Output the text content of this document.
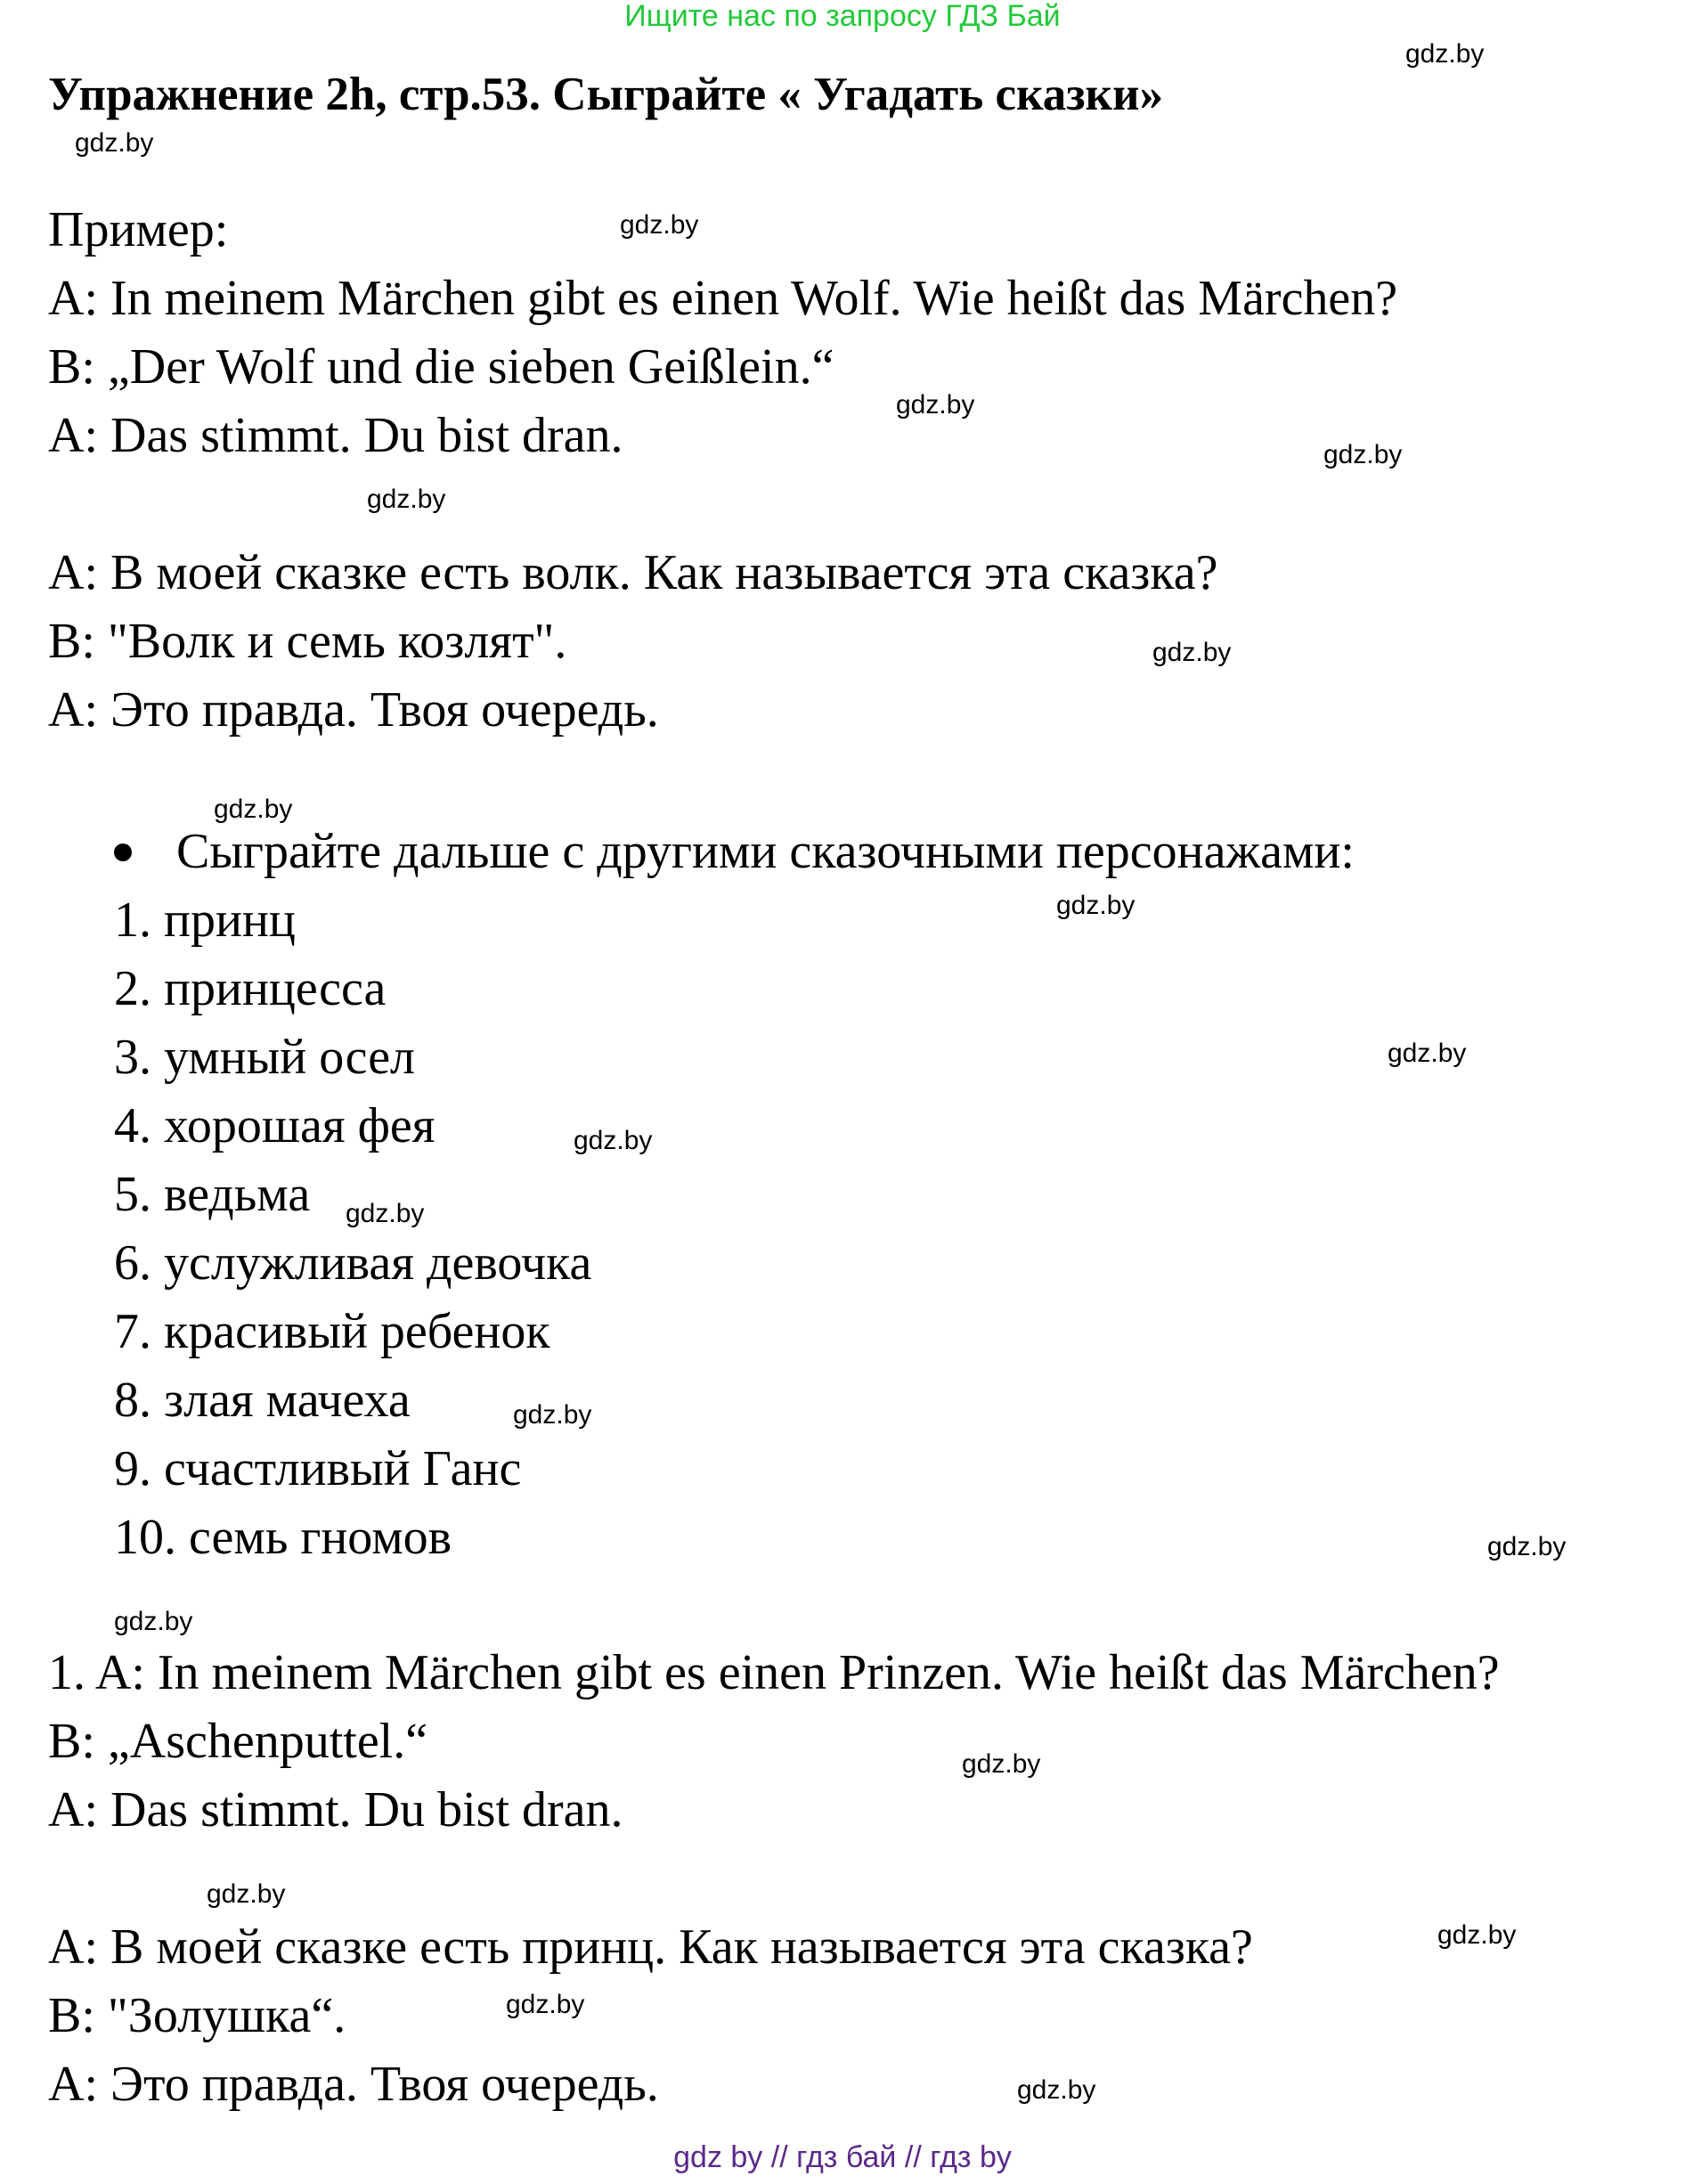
Ищите нас по запросу ГДЗ Бай
Упражнение 2h, стр.53. Сыграйте « Угадать сказки»
Пример:
A: In meinem Märchen gibt es einen Wolf. Wie heißt das Märchen?
B: „Der Wolf und die sieben Geißlein.“
A: Das stimmt. Du bist dran.
A: В моей сказке есть волк. Как называется эта сказка?
B: "Волк и семь козлят".
A: Это правда. Твоя очередь.
Сыграйте дальше с другими сказочными персонажами:
1. принц
2. принцесса
3. умный осел
4. хорошая фея
5. ведьма
6. услужливая девочка
7. красивый ребенок
8. злая мачеха
9. счастливый Ганс
10. семь гномов
1. A: In meinem Märchen gibt es einen Prinzen. Wie heißt das Märchen?
B: „Aschenputtel.“
A: Das stimmt. Du bist dran.
A: В моей сказке есть принц. Как называется эта сказка?
B: "Золушка“.
A: Это правда. Твоя очередь.
gdz.by
gdz.by
gdz.by
gdz.by
gdz.by
gdz.by
gdz.by
gdz.by
gdz.by
gdz.by
gdz.by
gdz.by
gdz.by
gdz.by
gdz.by
gdz.by
gdz.by
gdz.by
gdz.by
gdz.by
gdz by // гдз бай // гдз by
